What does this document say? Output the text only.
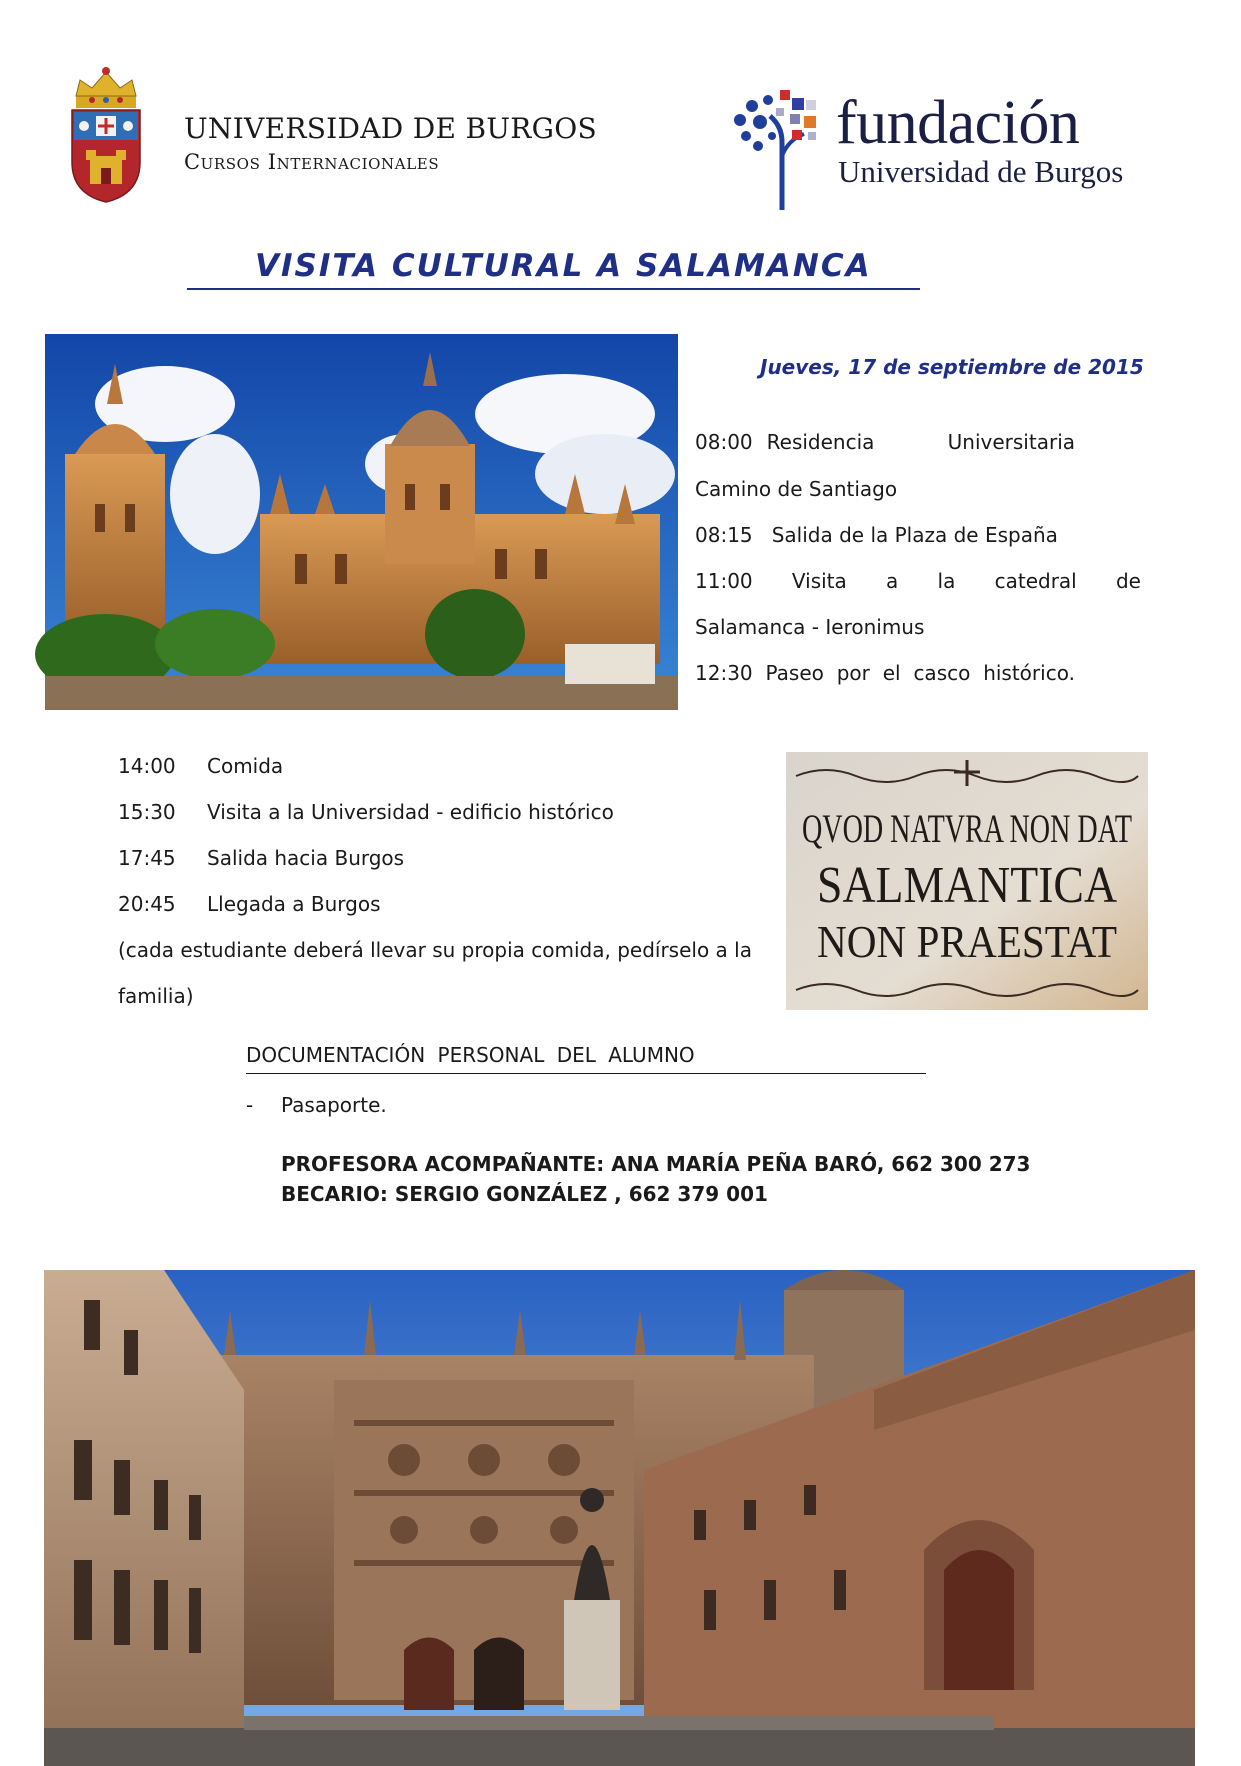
UNIVERSIDAD DE BURGOS
Cursos Internacionales
fundación
Universidad de Burgos
VISITA CULTURAL A SALAMANCA
Jueves, 17 de septiembre de 2015
08:00 Residencia	Universitaria
Camino de Santiago
08:15   Salida de la Plaza de España
11:00 Visita a la catedral de
Salamanca - Ieronimus
12:30 Paseo por el casco histórico.
14:00 Comida
15:30 Visita a la Universidad - edificio histórico
17:45 Salida hacia Burgos
20:45 Llegada a Burgos
(cada estudiante deberá llevar su propia comida, pedírselo a la
familia)
QVOD NATVRA NON DAT
SALMANTICA
NON PRAESTAT
DOCUMENTACIÓN PERSONAL DEL ALUMNO
- Pasaporte.
PROFESORA ACOMPAÑANTE: ANA MARÍA PEÑA BARÓ, 662 300 273
BECARIO: SERGIO GONZÁLEZ , 662 379 001
